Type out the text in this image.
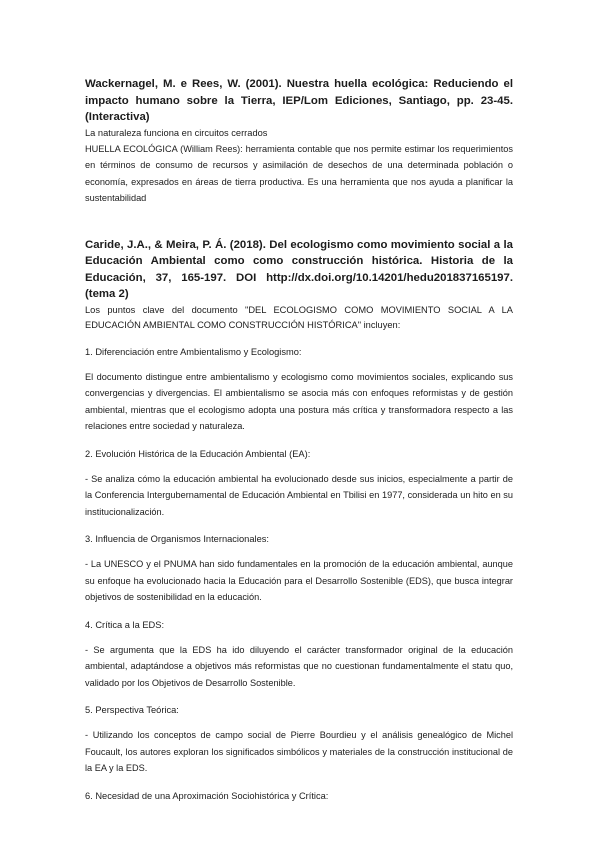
Wackernagel, M. e Rees, W. (2001). Nuestra huella ecológica: Reduciendo el impacto humano sobre la Tierra, IEP/Lom Ediciones, Santiago, pp. 23-45. (Interactiva)

La naturaleza funciona en circuitos cerrados

HUELLA ECOLÓGICA (William Rees): herramienta contable que nos permite estimar los requerimientos en términos de consumo de recursos y asimilación de desechos de una determinada población o economía, expresados en áreas de tierra productiva. Es una herramienta que nos ayuda a planificar la sustentabilidad

Caride, J.A., & Meira, P. Á. (2018). Del ecologismo como movimiento social a la Educación Ambiental como como construcción histórica. Historia de la Educación, 37, 165-197. DOI http://dx.doi.org/10.14201/hedu201837165197. (tema 2)

Los puntos clave del documento "DEL ECOLOGISMO COMO MOVIMIENTO SOCIAL A LA EDUCACIÓN AMBIENTAL COMO CONSTRUCCIÓN HISTÓRICA" incluyen:

1. Diferenciación entre Ambientalismo y Ecologismo:

El documento distingue entre ambientalismo y ecologismo como movimientos sociales, explicando sus convergencias y divergencias. El ambientalismo se asocia más con enfoques reformistas y de gestión ambiental, mientras que el ecologismo adopta una postura más crítica y transformadora respecto a las relaciones entre sociedad y naturaleza.

2. Evolución Histórica de la Educación Ambiental (EA):

- Se analiza cómo la educación ambiental ha evolucionado desde sus inicios, especialmente a partir de la Conferencia Intergubernamental de Educación Ambiental en Tbilisi en 1977, considerada un hito en su institucionalización.

3. Influencia de Organismos Internacionales:

- La UNESCO y el PNUMA han sido fundamentales en la promoción de la educación ambiental, aunque su enfoque ha evolucionado hacia la Educación para el Desarrollo Sostenible (EDS), que busca integrar objetivos de sostenibilidad en la educación.

4. Crítica a la EDS:

- Se argumenta que la EDS ha ido diluyendo el carácter transformador original de la educación ambiental, adaptándose a objetivos más reformistas que no cuestionan fundamentalmente el statu quo, validado por los Objetivos de Desarrollo Sostenible.

5. Perspectiva Teórica:

- Utilizando los conceptos de campo social de Pierre Bourdieu y el análisis genealógico de Michel Foucault, los autores exploran los significados simbólicos y materiales de la construcción institucional de la EA y la EDS.

6. Necesidad de una Aproximación Sociohistórica y Crítica:
